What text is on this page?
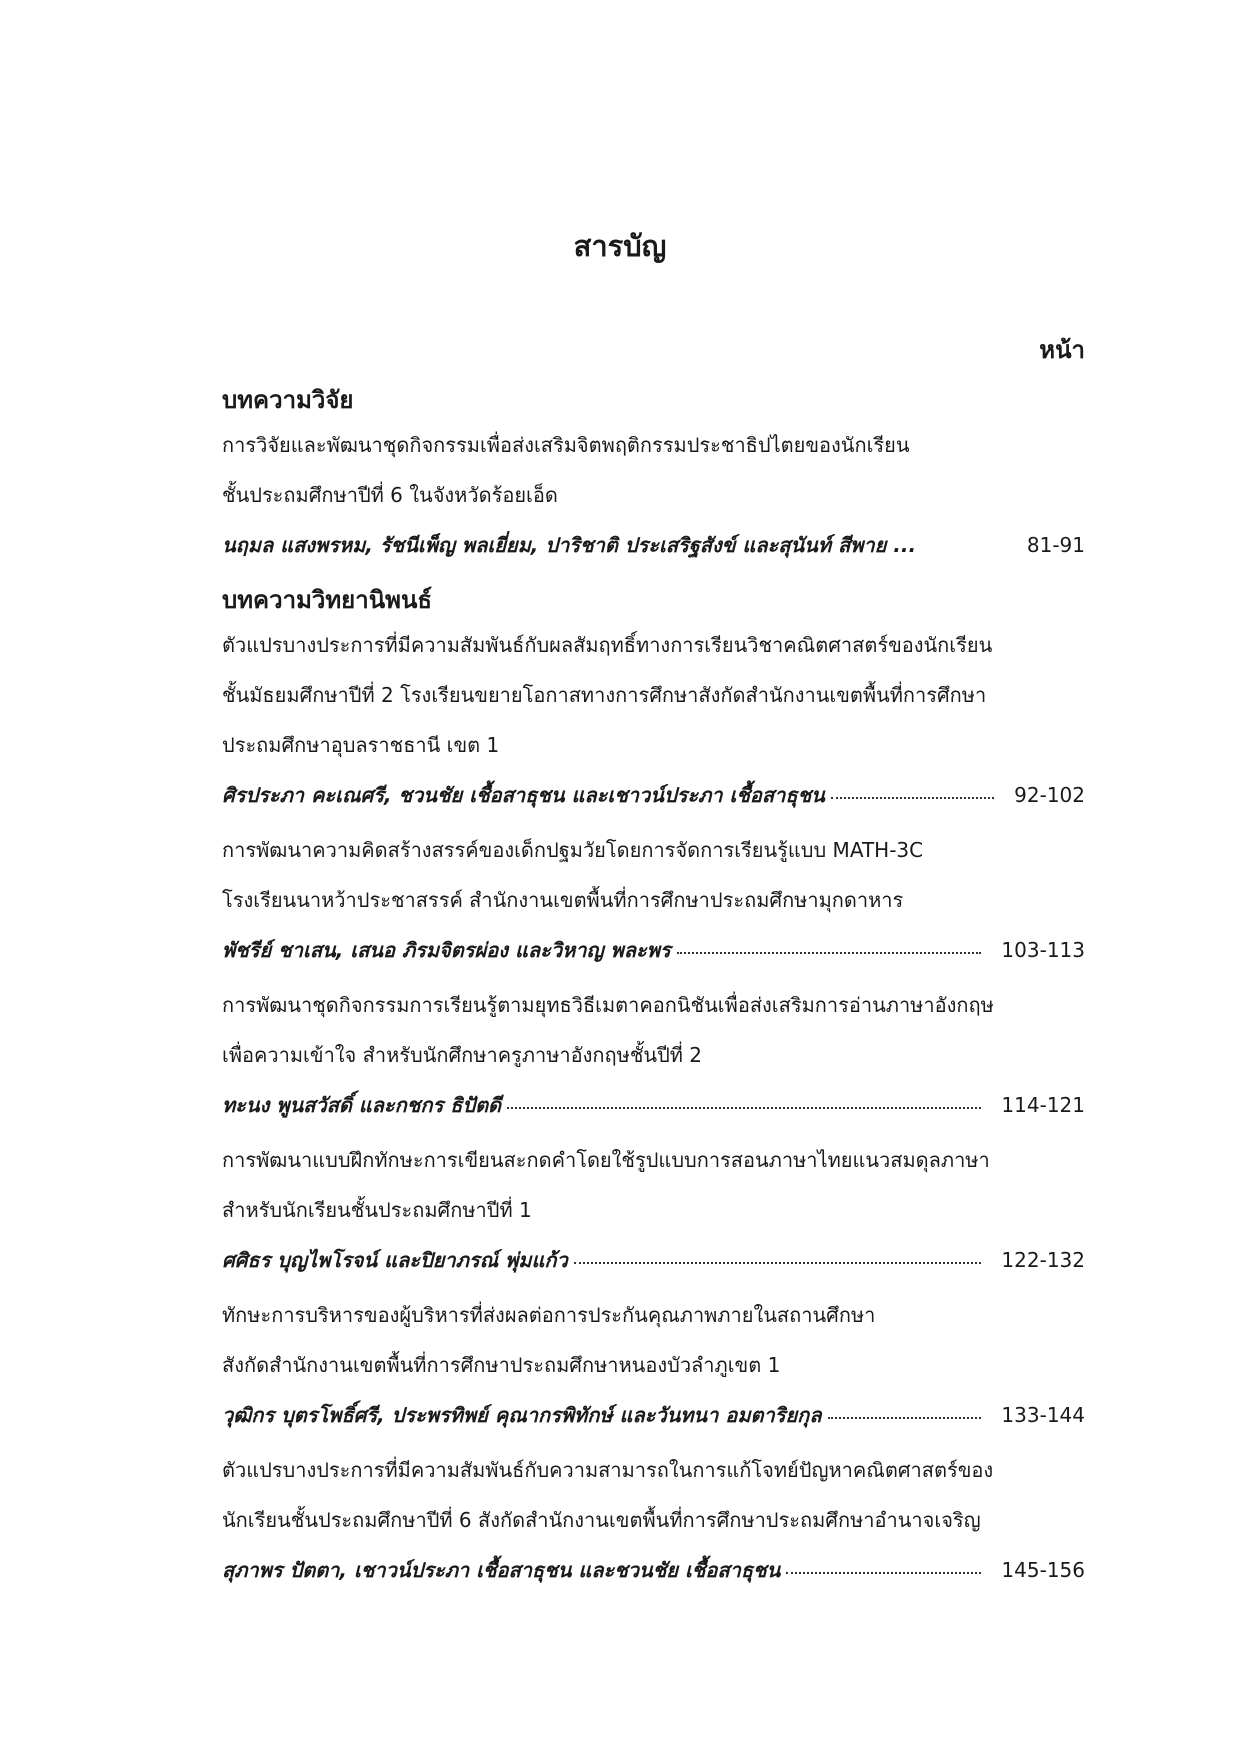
สารบัญ
หน้า
บทความวิจัย
การวิจัยและพัฒนาชุดกิจกรรมเพื่อส่งเสริมจิตพฤติกรรมประชาธิปไตยของนักเรียน
ชั้นประถมศึกษาปีที่ 6 ในจังหวัดร้อยเอ็ด
นฤมล แสงพรหม, รัชนีเพ็ญ พลเยี่ยม, ปาริชาติ ประเสริฐสังข์ และสุนันท์ สีพาย ...	81-91
บทความวิทยานิพนธ์
ตัวแปรบางประการที่มีความสัมพันธ์กับผลสัมฤทธิ์ทางการเรียนวิชาคณิตศาสตร์ของนักเรียน
ชั้นมัธยมศึกษาปีที่ 2 โรงเรียนขยายโอกาสทางการศึกษาสังกัดสำนักงานเขตพื้นที่การศึกษา
ประถมศึกษาอุบลราชธานี เขต 1
ศิรประภา คะเณศรี, ชวนชัย เชื้อสาธุชน และเชาวน์ประภา เชื้อสาธุชน	92-102
การพัฒนาความคิดสร้างสรรค์ของเด็กปฐมวัยโดยการจัดการเรียนรู้แบบ MATH-3C
โรงเรียนนาหว้าประชาสรรค์ สำนักงานเขตพื้นที่การศึกษาประถมศึกษามุกดาหาร
พัชรีย์ ชาเสน, เสนอ ภิรมจิตรผ่อง และวิหาญ พละพร	103-113
การพัฒนาชุดกิจกรรมการเรียนรู้ตามยุทธวิธีเมตาคอกนิชันเพื่อส่งเสริมการอ่านภาษาอังกฤษ
เพื่อความเข้าใจ สำหรับนักศึกษาครูภาษาอังกฤษชั้นปีที่ 2
ทะนง พูนสวัสดิ์ และกชกร ธิปัตดี	114-121
การพัฒนาแบบฝึกทักษะการเขียนสะกดคำโดยใช้รูปแบบการสอนภาษาไทยแนวสมดุลภาษา
สำหรับนักเรียนชั้นประถมศึกษาปีที่ 1
ศศิธร บุญไพโรจน์ และปิยาภรณ์ พุ่มแก้ว	122-132
ทักษะการบริหารของผู้บริหารที่ส่งผลต่อการประกันคุณภาพภายในสถานศึกษา
สังกัดสำนักงานเขตพื้นที่การศึกษาประถมศึกษาหนองบัวลำภูเขต 1
วุฒิกร บุตรโพธิ์ศรี, ประพรทิพย์ คุณากรพิทักษ์ และวันทนา อมตาริยกุล	133-144
ตัวแปรบางประการที่มีความสัมพันธ์กับความสามารถในการแก้โจทย์ปัญหาคณิตศาสตร์ของ
นักเรียนชั้นประถมศึกษาปีที่ 6 สังกัดสำนักงานเขตพื้นที่การศึกษาประถมศึกษาอำนาจเจริญ
สุภาพร ปัตตา, เชาวน์ประภา เชื้อสาธุชน และชวนชัย เชื้อสาธุชน	145-156
